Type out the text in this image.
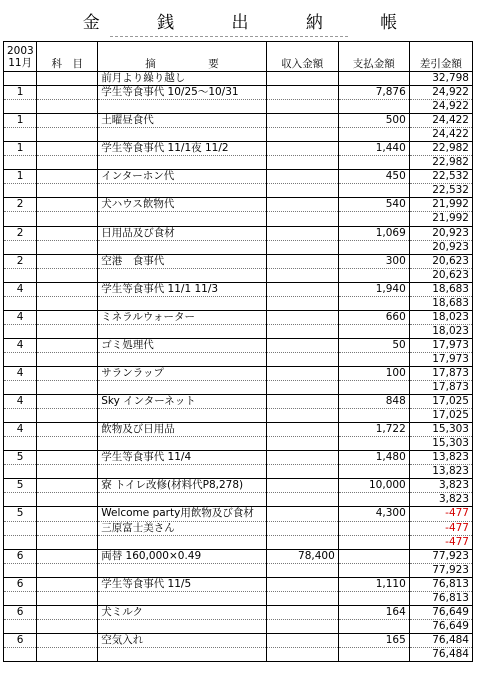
金 銭 出 納 帳
2003
11月	科　目	摘　　　　　要	収入金額	支払金額	差引金額
		前月より繰り越し			32,798
1		学生等食事代 10/25〜10/31		7,876	24,922
					24,922
1		土曜昼食代		500	24,422
					24,422
1		学生等食事代 11/1夜 11/2		1,440	22,982
					22,982
1		インターホン代		450	22,532
					22,532
2		犬ハウス飲物代		540	21,992
					21,992
2		日用品及び食材		1,069	20,923
					20,923
2		空港　食事代		300	20,623
					20,623
4		学生等食事代 11/1 11/3		1,940	18,683
					18,683
4		ミネラルウォーター		660	18,023
					18,023
4		ゴミ処理代		50	17,973
					17,973
4		サランラップ		100	17,873
					17,873
4		Sky インターネット		848	17,025
					17,025
4		飲物及び日用品		1,722	15,303
					15,303
5		学生等食事代 11/4		1,480	13,823
					13,823
5		寮 トイレ改修(材料代P8,278)		10,000	3,823
					3,823
5		Welcome party用飲物及び食材		4,300	-477
		三原富士美さん			-477
					-477
6		両替 160,000×0.49	78,400		77,923
					77,923
6		学生等食事代 11/5		1,110	76,813
					76,813
6		犬ミルク		164	76,649
					76,649
6		空気入れ		165	76,484
					76,484
